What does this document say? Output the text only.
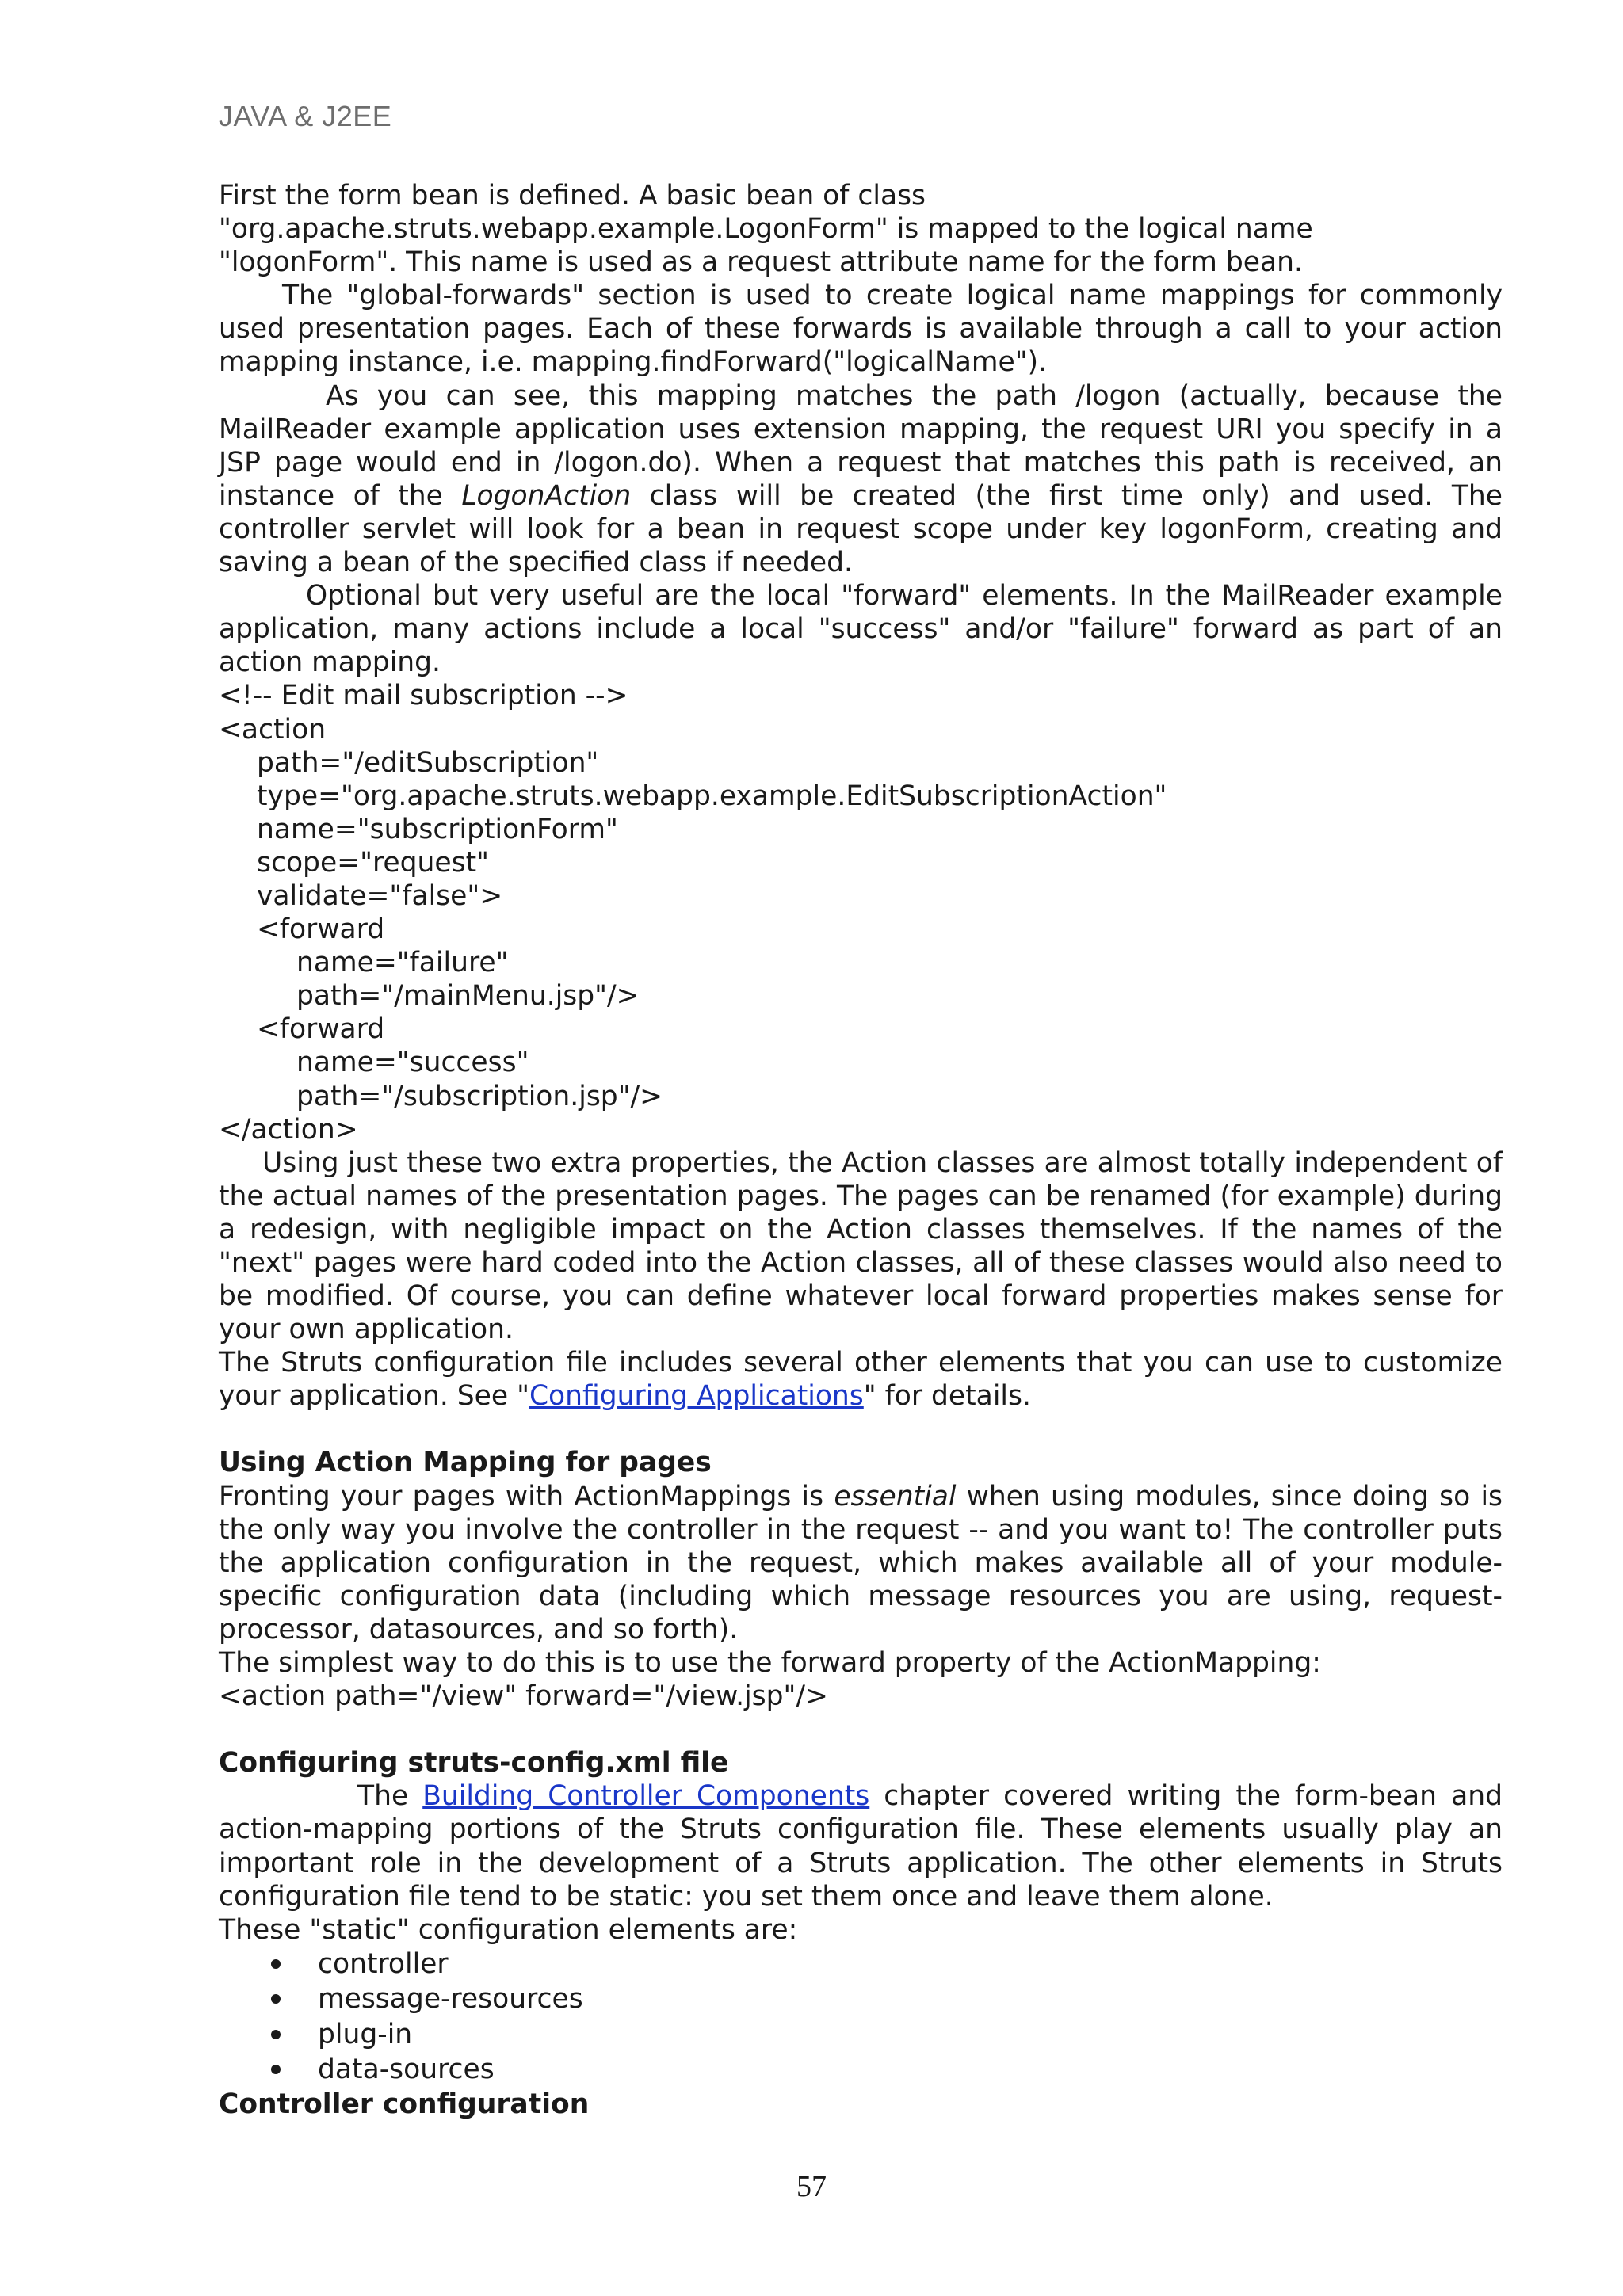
JAVA & J2EE

First the form bean is defined. A basic bean of class

"org.apache.struts.webapp.example.LogonForm" is mapped to the logical name

"logonForm". This name is used as a request attribute name for the form bean.

The "global-forwards" section is used to create logical name mappings for commonly used presentation pages. Each of these forwards is available through a call to your action mapping instance, i.e. mapping.findForward("logicalName").

As you can see, this mapping matches the path /logon (actually, because the MailReader example application uses extension mapping, the request URI you specify in a JSP page would end in /logon.do). When a request that matches this path is received, an instance of the LogonAction class will be created (the first time only) and used. The controller servlet will look for a bean in request scope under key logonForm, creating and saving a bean of the specified class if needed.

Optional but very useful are the local "forward" elements. In the MailReader example application, many actions include a local "success" and/or "failure" forward as part of an action mapping.

<!-- Edit mail subscription -->

<action

path="/editSubscription"

type="org.apache.struts.webapp.example.EditSubscriptionAction"

name="subscriptionForm"

scope="request"

validate="false">

<forward

name="failure"

path="/mainMenu.jsp"/>

<forward

name="success"

path="/subscription.jsp"/>

</action>

Using just these two extra properties, the Action classes are almost totally independent of the actual names of the presentation pages. The pages can be renamed (for example) during a redesign, with negligible impact on the Action classes themselves. If the names of the "next" pages were hard coded into the Action classes, all of these classes would also need to be modified. Of course, you can define whatever local forward properties makes sense for your own application.

The Struts configuration file includes several other elements that you can use to customize your application. See "Configuring Applications" for details.

Using Action Mapping for pages

Fronting your pages with ActionMappings is essential when using modules, since doing so is the only way you involve the controller in the request -- and you want to! The controller puts the application configuration in the request, which makes available all of your module-specific configuration data (including which message resources you are using, request-processor, datasources, and so forth).

The simplest way to do this is to use the forward property of the ActionMapping:

<action path="/view" forward="/view.jsp"/>

Configuring struts-config.xml file

The Building Controller Components chapter covered writing the form-bean and action-mapping portions of the Struts configuration file. These elements usually play an important role in the development of a Struts application. The other elements in Struts configuration file tend to be static: you set them once and leave them alone.

These "static" configuration elements are:

controller
message-resources
plug-in
data-sources

Controller configuration

57
